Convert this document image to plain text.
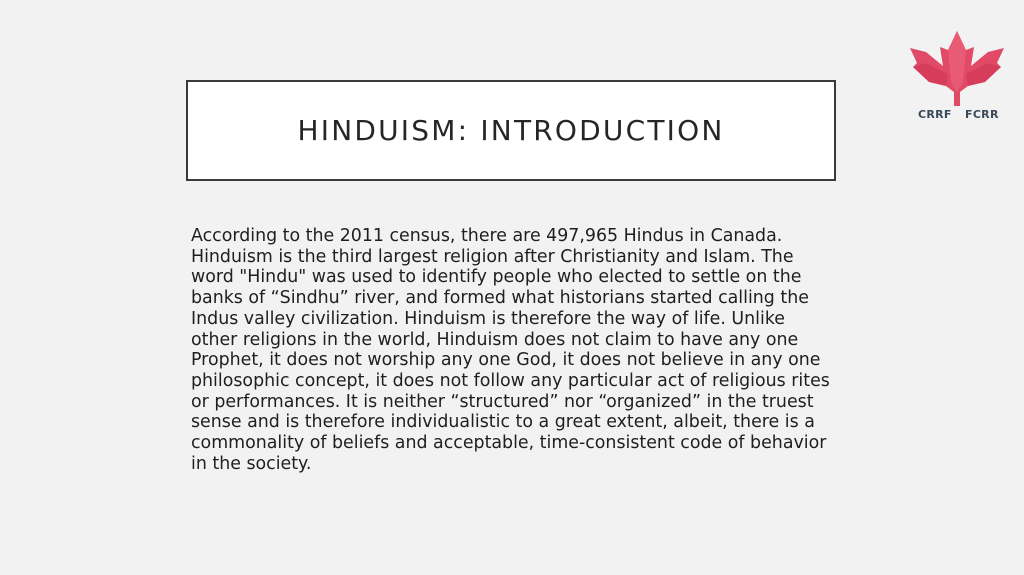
CRRF FCRR
HINDUISM: INTRODUCTION

According to the 2011 census, there are 497,965 Hindus in Canada. Hinduism is the third largest religion after Christianity and Islam. The word "Hindu" was used to identify people who elected to settle on the banks of “Sindhu” river, and formed what historians started calling the Indus valley civilization. Hinduism is therefore the way of life. Unlike other religions in the world, Hinduism does not claim to have any one Prophet, it does not worship any one God, it does not believe in any one philosophic concept, it does not follow any particular act of religious rites or performances. It is neither “structured” nor “organized” in the truest sense and is therefore individualistic to a great extent, albeit, there is a commonality of beliefs and acceptable, time-consistent code of behavior in the society.
